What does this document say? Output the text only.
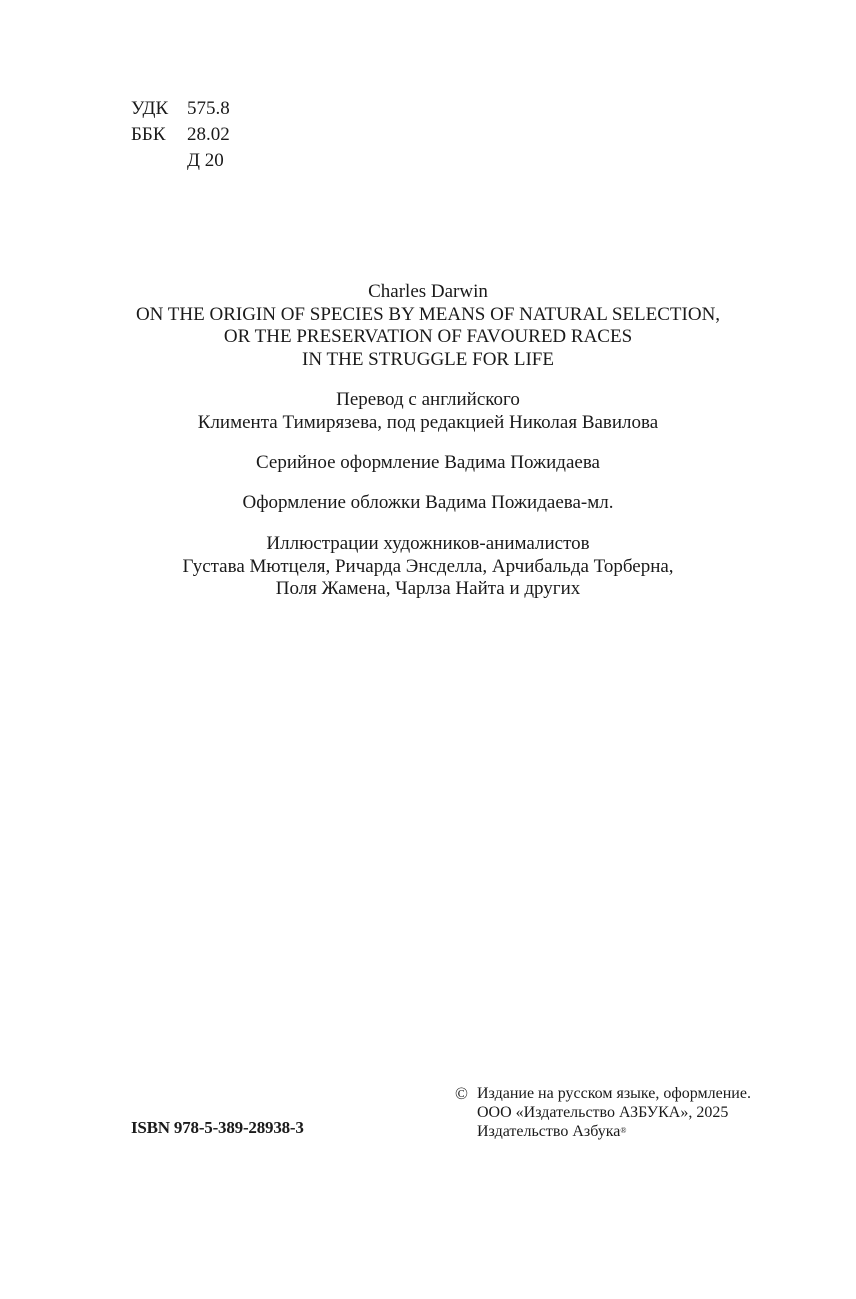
УДК 575.8
ББК	28.02
Д 20
Charles Darwin
ON THE ORIGIN OF SPECIES BY MEANS OF NATURAL SELECTION,
OR THE PRESERVATION OF FAVOURED RACES
IN THE STRUGGLE FOR LIFE
Перевод с английского
Климента Тимирязева, под редакцией Николая Вавилова
Серийное оформление Вадима Пожидаева
Оформление обложки Вадима Пожидаева-мл.
Иллюстрации художников-анималистов
Густава Мютцеля, Ричарда Энсделла, Арчибальда Торберна,
Поля Жамена, Чарлза Найта и других
ISBN 978-5-389-28938-3
© Издание на русском языке, оформление.
ООО «Издательство АЗБУКА», 2025
Издательство Азбука®
